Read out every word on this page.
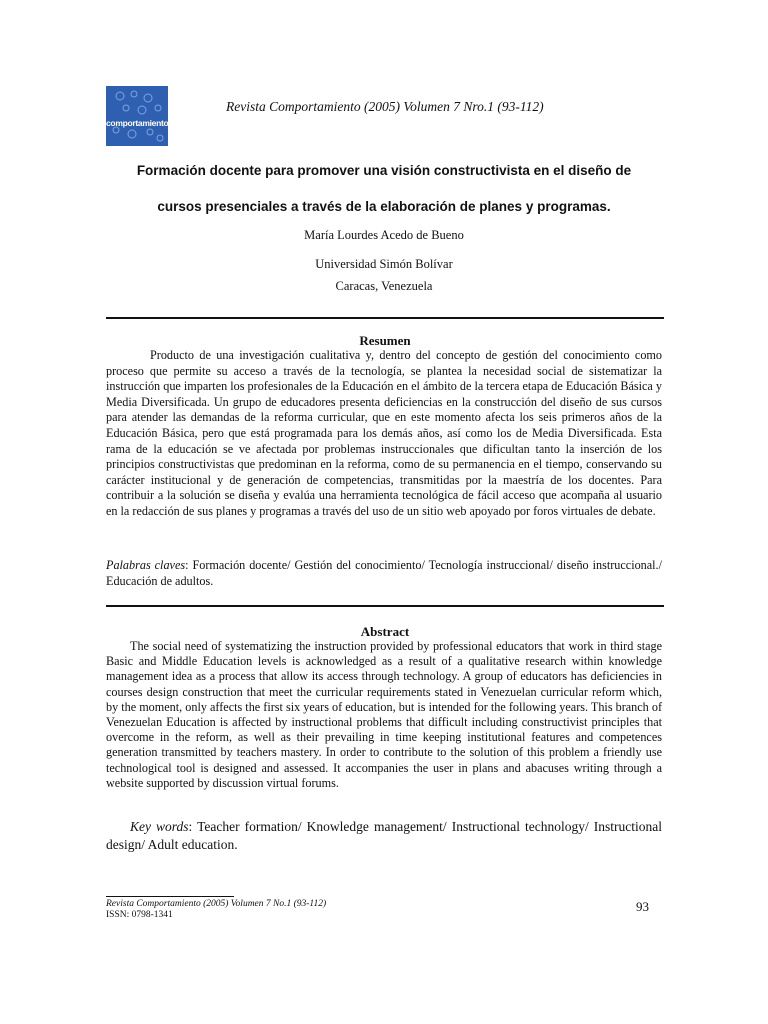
comportamiento
Revista Comportamiento (2005) Volumen 7 Nro.1 (93-112)
Formación docente para promover una visión constructivista en el diseño de
cursos presenciales a través de la elaboración de planes y programas.
María Lourdes Acedo de Bueno
Universidad Simón Bolívar
Caracas, Venezuela
Resumen

Producto de una investigación cualitativa y, dentro del concepto de gestión del conocimiento como proceso que permite su acceso a través de la tecnología, se plantea la necesidad social de sistematizar la instrucción que imparten los profesionales de la Educación en el ámbito de la tercera etapa de Educación Básica y Media Diversificada. Un grupo de educadores presenta deficiencias en la construcción del diseño de sus cursos para atender las demandas de la reforma curricular, que en este momento afecta los seis primeros años de la Educación Básica, pero que está programada para los demás años, así como los de Media Diversificada. Esta rama de la educación se ve afectada por problemas instruccionales que dificultan tanto la inserción de los principios constructivistas que predominan en la reforma, como de su permanencia en el tiempo, conservando su carácter institucional y de generación de competencias, transmitidas por la maestría de los docentes. Para contribuir a la solución se diseña y evalúa una herramienta tecnológica de fácil acceso que acompaña al usuario en la redacción de sus planes y programas a través del uso de un sitio web apoyado por foros virtuales de debate.

Palabras claves: Formación docente/ Gestión del conocimiento/ Tecnología instruccional/ diseño instruccional./ Educación de adultos.

Abstract

The social need of systematizing the instruction provided by professional educators that work in third stage Basic and Middle Education levels is acknowledged as a result of a qualitative research within knowledge management idea as a process that allow its access through technology. A group of educators has deficiencies in courses design construction that meet the curricular requirements stated in Venezuelan curricular reform which, by the moment, only affects the first six years of education, but is intended for the following years. This branch of Venezuelan Education is affected by instructional problems that difficult including constructivist principles that overcome in the reform, as well as their prevailing in time keeping institutional features and competences generation transmitted by teachers mastery. In order to contribute to the solution of this problem a friendly use technological tool is designed and assessed. It accompanies the user in plans and abacuses writing through a website supported by discussion virtual forums.

Key words: Teacher formation/ Knowledge management/ Instructional technology/ Instructional design/ Adult education.

Revista Comportamiento (2005) Volumen 7 No.1 (93-112)
ISSN: 0798-1341
93
